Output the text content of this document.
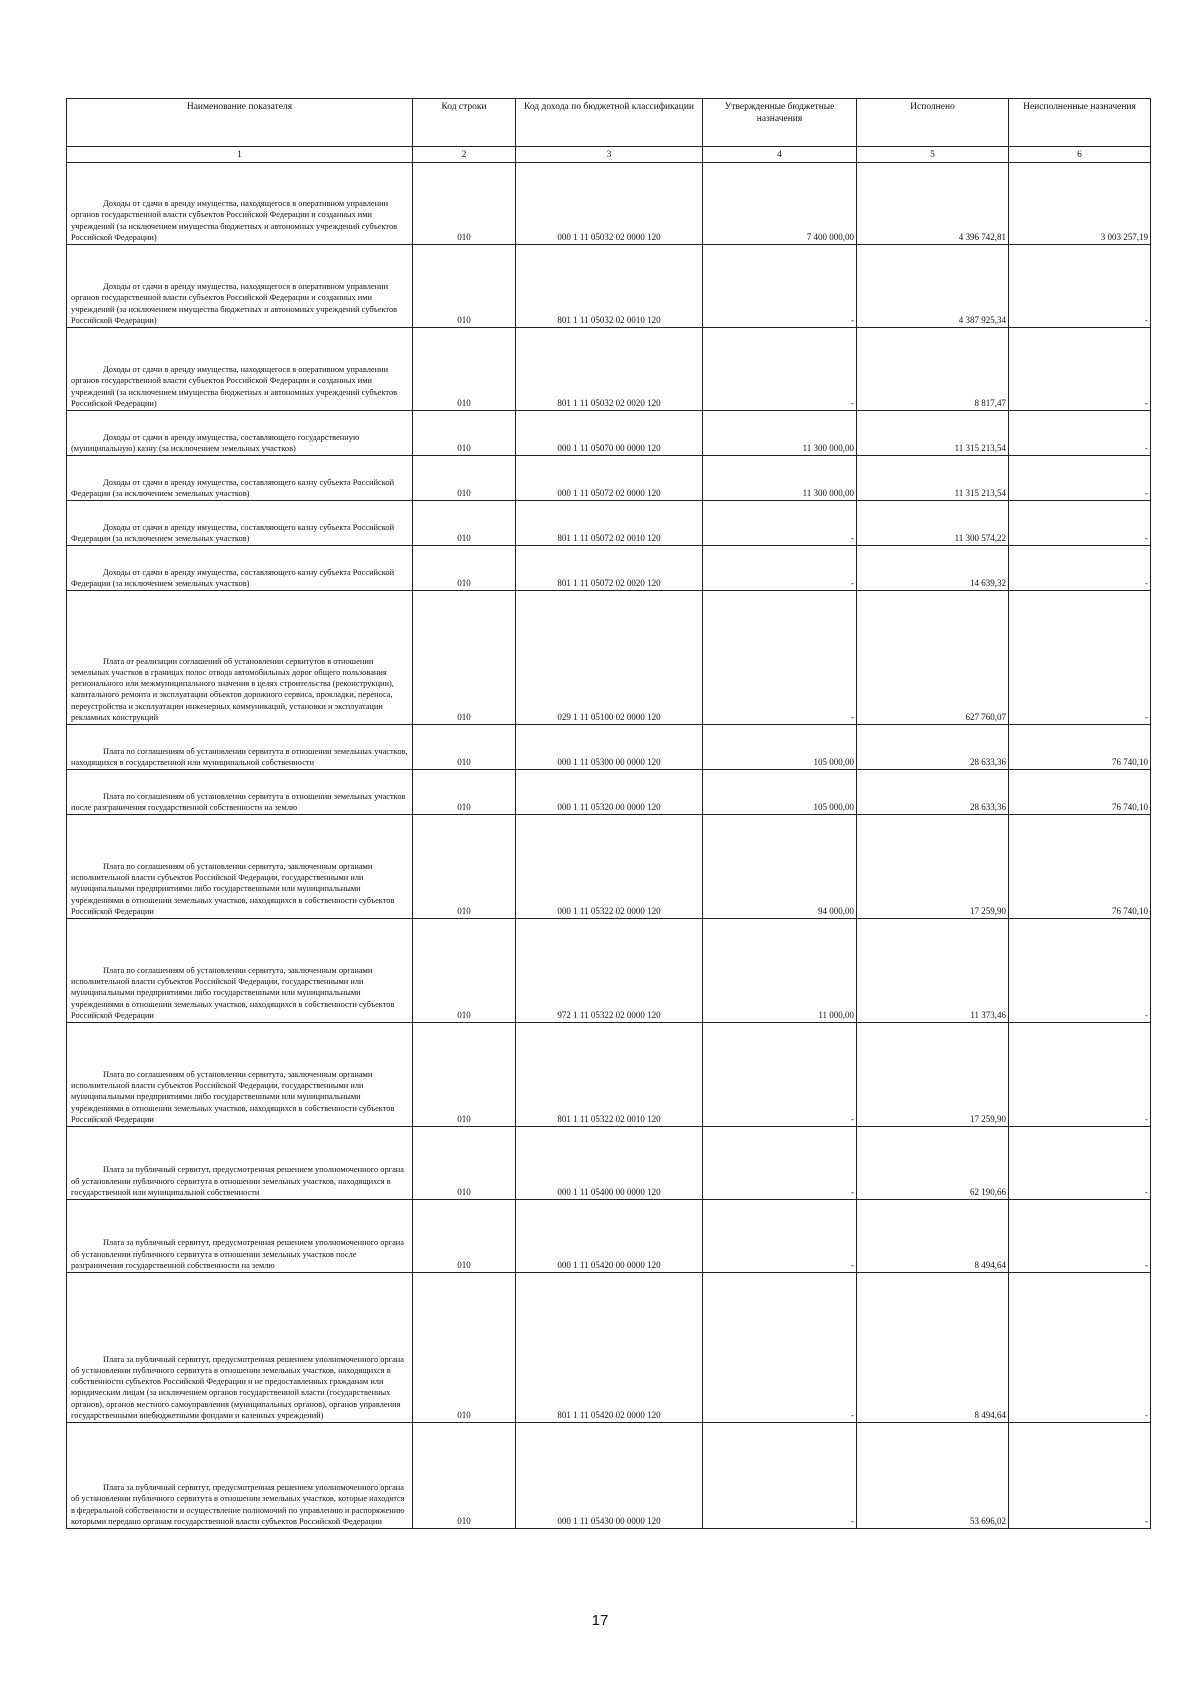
Наименование показателя	Код строки	Код дохода по бюджетной классификации	Утвержденные бюджетные назначения	Исполнено	Неисполненные назначения
1	2	3	4	5	6
Доходы от сдачи в аренду имущества, находящегося в оперативном управлении органов государственной власти субъектов Российской Федерации и созданных ими учреждений (за исключением имущества бюджетных и автономных учреждений субъектов Российской Федерации)	010	000 1 11 05032 02 0000 120	7 400 000,00	4 396 742,81	3 003 257,19
Доходы от сдачи в аренду имущества, находящегося в оперативном управлении органов государственной власти субъектов Российской Федерации и созданных ими учреждений (за исключением имущества бюджетных и автономных учреждений субъектов Российской Федерации)	010	801 1 11 05032 02 0010 120	-	4 387 925,34	-
Доходы от сдачи в аренду имущества, находящегося в оперативном управлении органов государственной власти субъектов Российской Федерации и созданных ими учреждений (за исключением имущества бюджетных и автономных учреждений субъектов Российской Федерации)	010	801 1 11 05032 02 0020 120	-	8 817,47	-
Доходы от сдачи в аренду имущества, составляющего государственную (муниципальную) казну (за исключением земельных участков)	010	000 1 11 05070 00 0000 120	11 300 000,00	11 315 213,54	-
Доходы от сдачи в аренду имущества, составляющего казну субъекта Российской Федерации (за исключением земельных участков)	010	000 1 11 05072 02 0000 120	11 300 000,00	11 315 213,54	-
Доходы от сдачи в аренду имущества, составляющего казну субъекта Российской Федерации (за исключением земельных участков)	010	801 1 11 05072 02 0010 120	-	11 300 574,22	-
Доходы от сдачи в аренду имущества, составляющего казну субъекта Российской Федерации (за исключением земельных участков)	010	801 1 11 05072 02 0020 120	-	14 639,32	-
Плата от реализации соглашений об установлении сервитутов в отношении земельных участков в границах полос отвода автомобильных дорог общего пользования регионального или межмуниципального значения в целях строительства (реконструкции), капитального ремонта и эксплуатации объектов дорожного сервиса, прокладки, переноса, переустройства и эксплуатации инженерных коммуникаций, установки и эксплуатации рекламных конструкций	010	029 1 11 05100 02 0000 120	-	627 760,07	-
Плата по соглашениям об установлении сервитута в отношении земельных участков, находящихся в государственной или муниципальной собственности	010	000 1 11 05300 00 0000 120	105 000,00	28 633,36	76 740,10
Плата по соглашениям об установлении сервитута в отношении земельных участков после разграничения государственной собственности на землю	010	000 1 11 05320 00 0000 120	105 000,00	28 633,36	76 740,10
Плата по соглашениям об установлении сервитута, заключенным органами исполнительной власти субъектов Российской Федерации, государственными или муниципальными предприятиями либо государственными или муниципальными учреждениями в отношении земельных участков, находящихся в собственности субъектов Российской Федерации	010	000 1 11 05322 02 0000 120	94 000,00	17 259,90	76 740,10
Плата по соглашениям об установлении сервитута, заключенным органами исполнительной власти субъектов Российской Федерации, государственными или муниципальными предприятиями либо государственными или муниципальными учреждениями в отношении земельных участков, находящихся в собственности субъектов Российской Федерации	010	972 1 11 05322 02 0000 120	11 000,00	11 373,46	-
Плата по соглашениям об установлении сервитута, заключенным органами исполнительной власти субъектов Российской Федерации, государственными или муниципальными предприятиями либо государственными или муниципальными учреждениями в отношении земельных участков, находящихся в собственности субъектов Российской Федерации	010	801 1 11 05322 02 0010 120	-	17 259,90	-
Плата за публичный сервитут, предусмотренная решением уполномоченного органа об установлении публичного сервитута в отношении земельных участков, находящихся в государственной или муниципальной собственности	010	000 1 11 05400 00 0000 120	-	62 190,66	-
Плата за публичный сервитут, предусмотренная решением уполномоченного органа об установлении публичного сервитута в отношении земельных участков после разграничения государственной собственности на землю	010	000 1 11 05420 00 0000 120	-	8 494,64	-
Плата за публичный сервитут, предусмотренная решением уполномоченного органа об установлении публичного сервитута в отношении земельных участков, находящихся в собственности субъектов Российской Федерации и не предоставленных гражданам или юридическим лицам (за исключением органов государственной власти (государственных органов), органов местного самоуправления (муниципальных органов), органов управления государственными внебюджетными фондами и казенных учреждений)	010	801 1 11 05420 02 0000 120	-	8 494,64	-
Плата за публичный сервитут, предусмотренная решением уполномоченного органа об установлении публичного сервитута в отношении земельных участков, которые находятся в федеральной собственности и осуществление полномочий по управлению и распоряжению которыми передано органам государственной власти субъектов Российской Федерации	010	000 1 11 05430 00 0000 120	-	53 696,02	-
17
